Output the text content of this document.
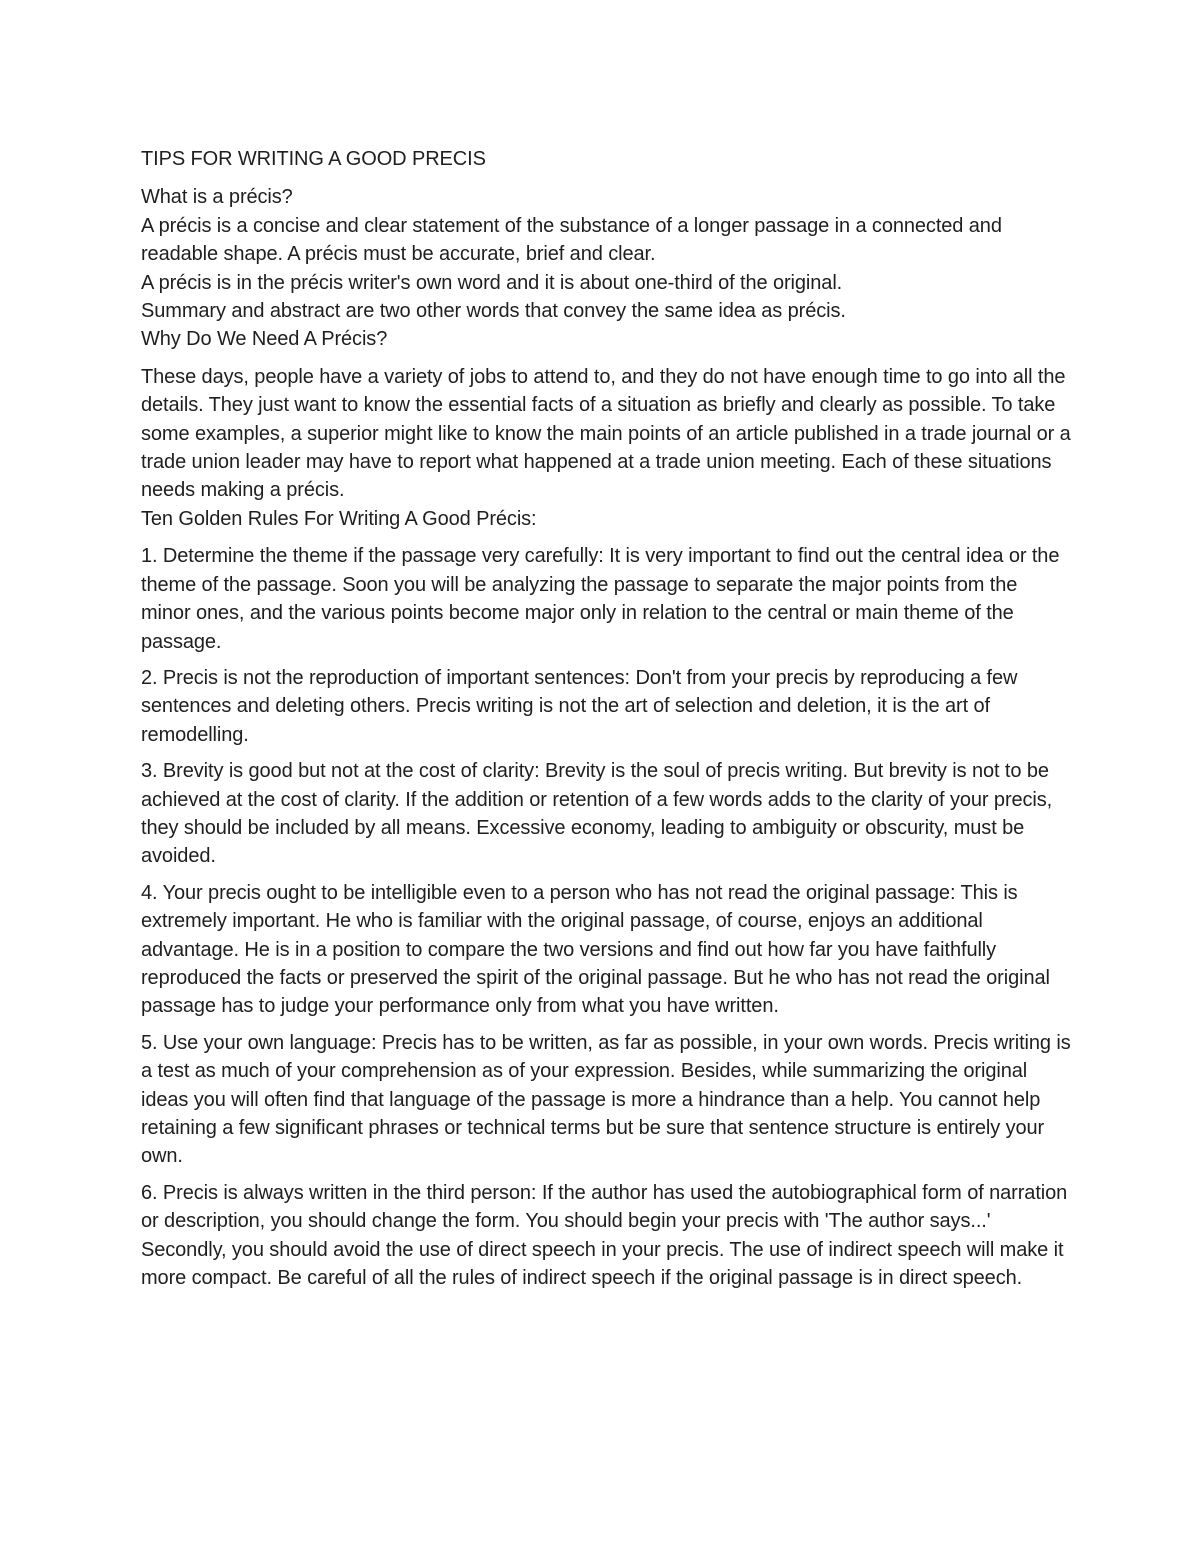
TIPS FOR WRITING A GOOD PRECIS

What is a précis?

A précis is a concise and clear statement of the substance of a longer passage in a connected and readable shape. A précis must be accurate, brief and clear.

A précis is in the précis writer's own word and it is about one-third of the original.

Summary and abstract are two other words that convey the same idea as précis.

Why Do We Need A Précis?

These days, people have a variety of jobs to attend to, and they do not have enough time to go into all the details. They just want to know the essential facts of a situation as briefly and clearly as possible. To take some examples, a superior might like to know the main points of an article published in a trade journal or a trade union leader may have to report what happened at a trade union meeting. Each of these situations needs making a précis.

Ten Golden Rules For Writing A Good Précis:

1. Determine the theme if the passage very carefully: It is very important to find out the central idea or the theme of the passage. Soon you will be analyzing the passage to separate the major points from the minor ones, and the various points become major only in relation to the central or main theme of the passage.

2. Precis is not the reproduction of important sentences: Don't from your precis by reproducing a few sentences and deleting others. Precis writing is not the art of selection and deletion, it is the art of remodelling.

3. Brevity is good but not at the cost of clarity: Brevity is the soul of precis writing. But brevity is not to be achieved at the cost of clarity. If the addition or retention of a few words adds to the clarity of your precis, they should be included by all means. Excessive economy, leading to ambiguity or obscurity, must be avoided.

4. Your precis ought to be intelligible even to a person who has not read the original passage: This is extremely important. He who is familiar with the original passage, of course, enjoys an additional advantage. He is in a position to compare the two versions and find out how far you have faithfully reproduced the facts or preserved the spirit of the original passage. But he who has not read the original passage has to judge your performance only from what you have written.

5. Use your own language: Precis has to be written, as far as possible, in your own words. Precis writing is a test as much of your comprehension as of your expression. Besides, while summarizing the original ideas you will often find that language of the passage is more a hindrance than a help. You cannot help retaining a few significant phrases or technical terms but be sure that sentence structure is entirely your own.

6. Precis is always written in the third person: If the author has used the autobiographical form of narration or description, you should change the form. You should begin your precis with 'The author says...' Secondly, you should avoid the use of direct speech in your precis. The use of indirect speech will make it more compact. Be careful of all the rules of indirect speech if the original passage is in direct speech.
